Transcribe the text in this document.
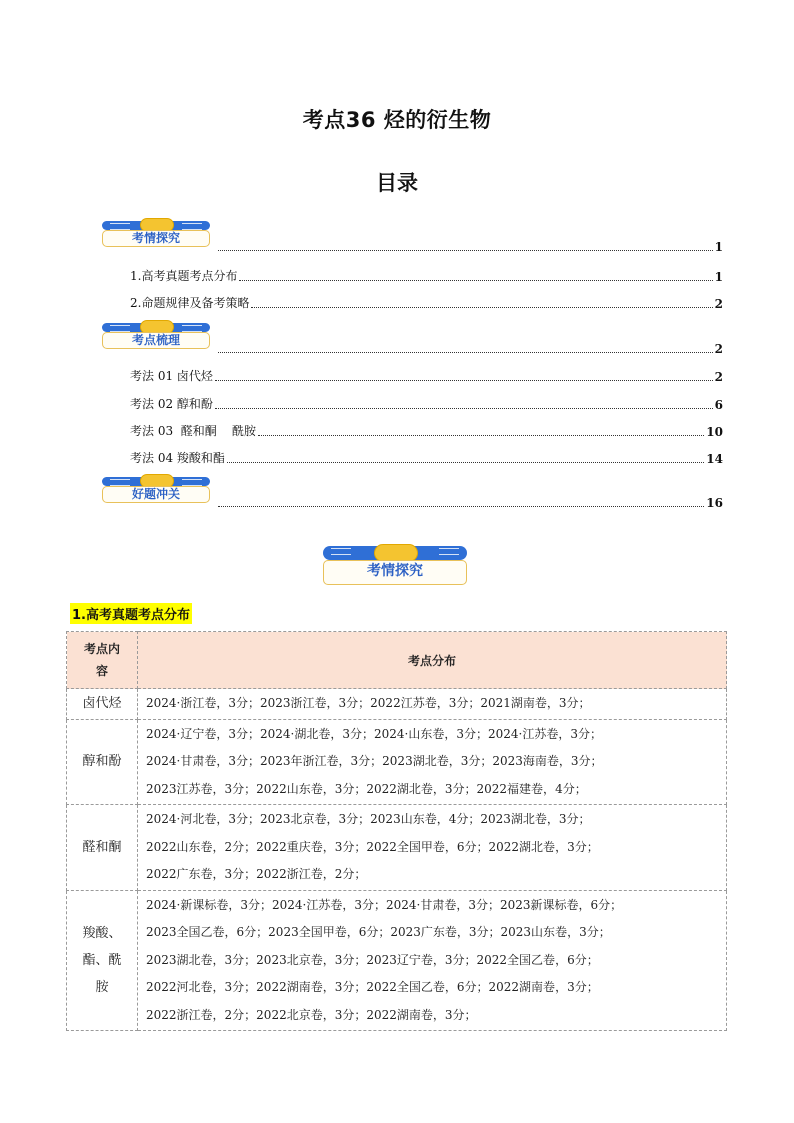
考点36 烃的衍生物
目录
考情探究
1
1.高考真题考点分布	1
2.命题规律及备考策略	2
考点梳理
2
考法 01 卤代烃	2
考法 02 醇和酚	6
考法 03  醛和酮    酰胺	10
考法 04 羧酸和酯	14
好题冲关
16
考情探究
1.高考真题考点分布
考点内容	考点分布
卤代烃	2024·浙江卷，3分；2023浙江卷，3分；2022江苏卷，3分；2021湖南卷，3分；

醇和酚	2024·辽宁卷，3分；2024·湖北卷，3分；2024·山东卷，3分；2024·江苏卷，3分；
2024·甘肃卷，3分；2023年浙江卷，3分；2023湖北卷，3分；2023海南卷，3分；
2023江苏卷，3分；2022山东卷，3分；2022湖北卷，3分；2022福建卷，4分；

醛和酮	2024·河北卷，3分；2023北京卷，3分；2023山东卷，4分；2023湖北卷，3分；
2022山东卷，2分；2022重庆卷，3分；2022全国甲卷，6分；2022湖北卷，3分；
2022广东卷，3分；2022浙江卷，2分；

羧酸、酯、酰胺	2024·新课标卷，3分；2024·江苏卷，3分；2024·甘肃卷，3分；2023新课标卷，6分；
2023全国乙卷，6分；2023全国甲卷，6分；2023广东卷，3分；2023山东卷，3分；
2023湖北卷，3分；2023北京卷，3分；2023辽宁卷，3分；2022全国乙卷，6分；
2022河北卷，3分；2022湖南卷，3分；2022全国乙卷，6分；2022湖南卷，3分；
2022浙江卷，2分；2022北京卷，3分；2022湖南卷，3分；
